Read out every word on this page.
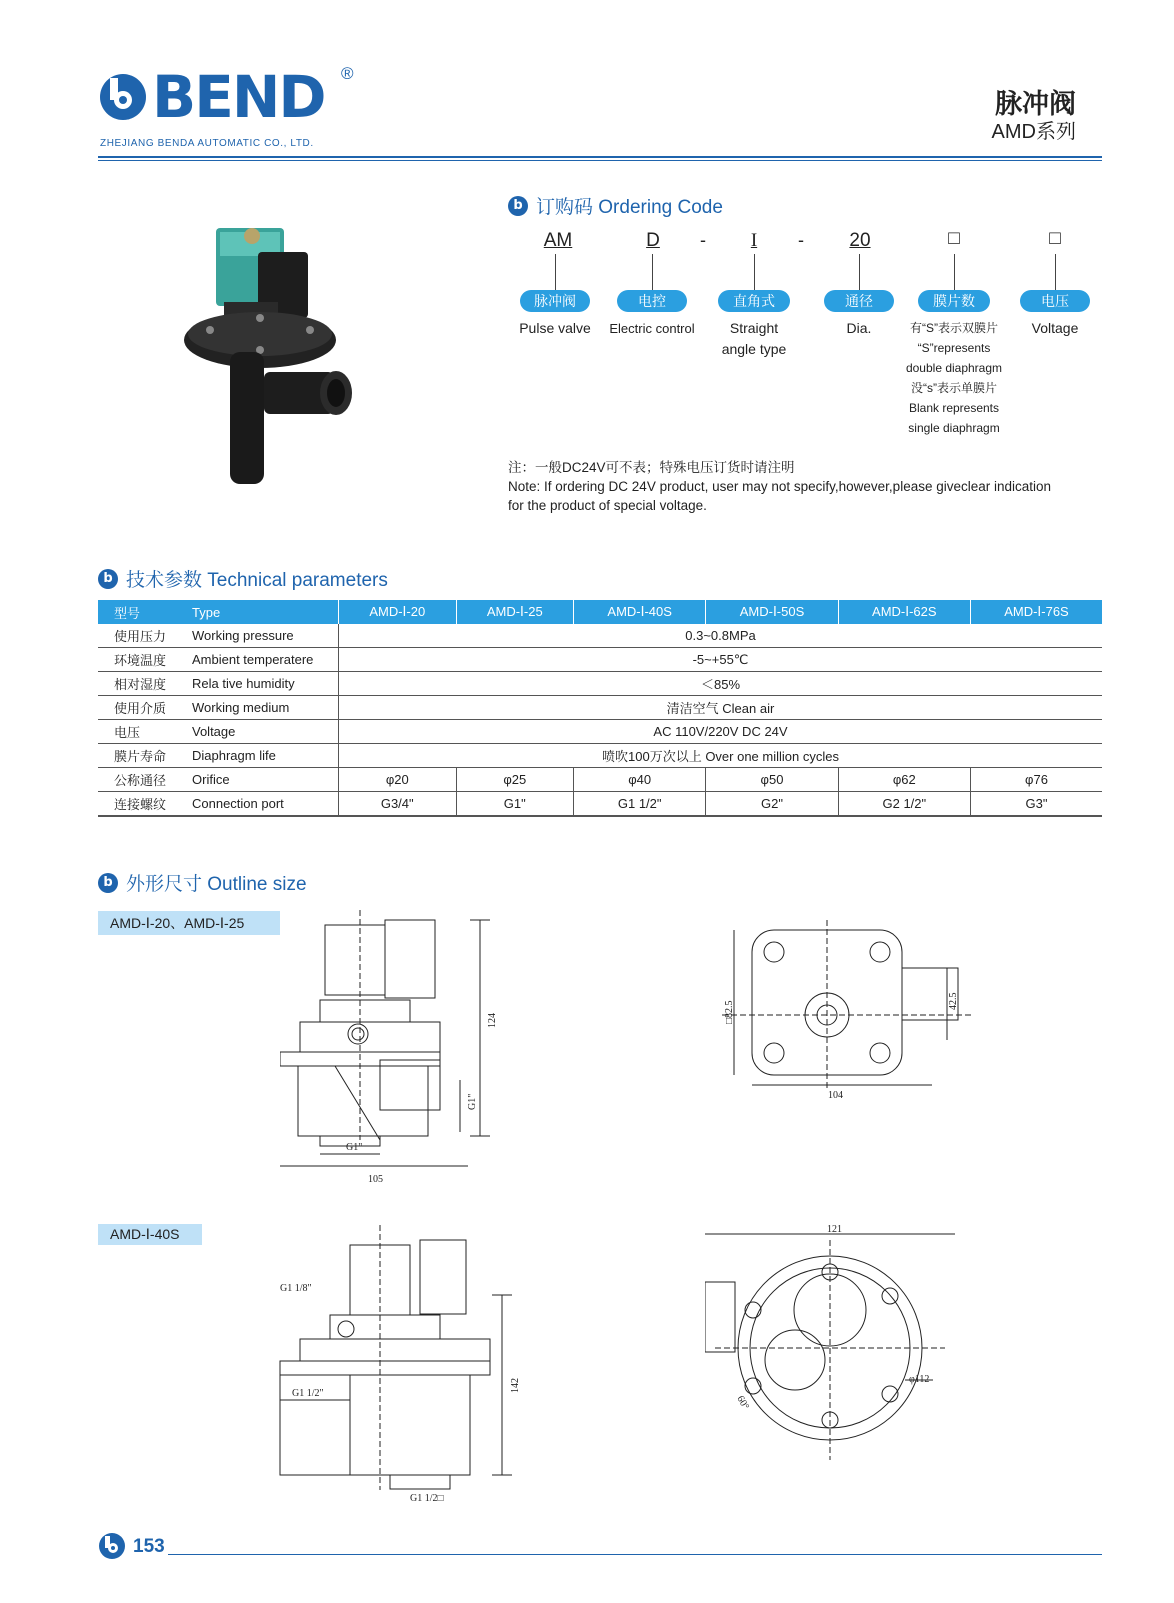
BEND ®
ZHEJIANG BENDA AUTOMATIC CO., LTD.
脉冲阀
AMD系列
b 订购码 Ordering Code
AM	D	-	I	- 20	□	□
脉冲阀	电控	直角式	通径	膜片数	电压
Pulse valve	Electric control	Straight
angle type
Dia.	有“S”表示双膜片
“S”represents
double diaphragm
没“s”表示单膜片
Blank represents
single diaphragm
Voltage
注：一般DC24V可不表；特殊电压订货时请注明
Note: If ordering DC 24V product, user may not specify,however,please giveclear indication
for the product of special voltage.
b 技术参数 Technical parameters
型号	Type	AMD-Ⅰ-20	AMD-Ⅰ-25	AMD-Ⅰ-40S	AMD-Ⅰ-50S	AMD-Ⅰ-62S	AMD-Ⅰ-76S
使用压力	Working pressure	0.3~0.8MPa					
环境温度	Ambient temperatere	-5~+55℃					
相对湿度	Rela tive humidity	＜85%					
使用介质	Working medium	清洁空气 Clean air					
电压	Voltage	AC 110V/220V DC 24V					
膜片寿命	Diaphragm life	喷吹100万次以上 Over one million cycles					
公称通径	Orifice	φ20	φ25	φ40	φ50	φ62	φ76
连接螺纹	Connection port	G3/4"	G1"	G1 1/2"	G2"	G2 1/2"	G3"
b 外形尺寸 Outline size
AMD-Ⅰ-20、AMD-Ⅰ-25
AMD-Ⅰ-40S
124
G1"
G1"
105
□82.5	42.5
104
G1 1/8"
G1 1/2"
142
G1 1/2□
121
φ112
60°
153
